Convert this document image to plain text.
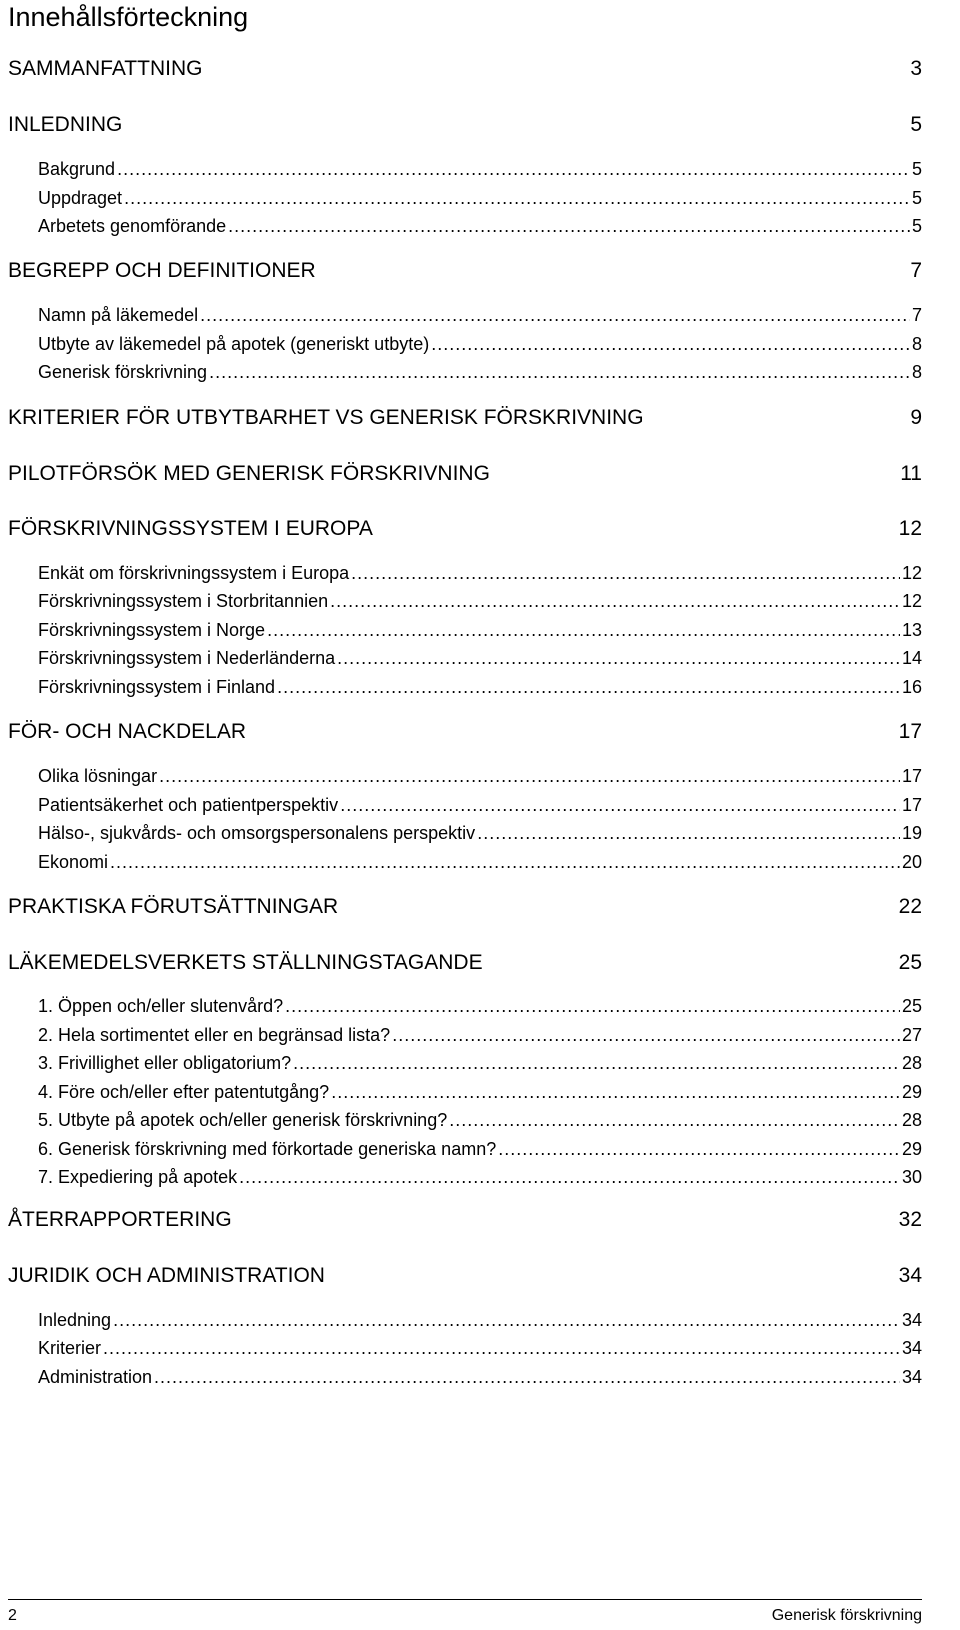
Innehållsförteckning
SAMMANFATTNING	3
INLEDNING	5
Bakgrund .....	5
Uppdraget .....	5
Arbetets genomförande .....	5
BEGREPP OCH DEFINITIONER	7
Namn på läkemedel .....	7
Utbyte av läkemedel på apotek (generiskt utbyte) .....	8
Generisk förskrivning .....	8
KRITERIER FÖR UTBYTBARHET VS GENERISK FÖRSKRIVNING	9
PILOTFÖRSÖK MED GENERISK FÖRSKRIVNING	11
FÖRSKRIVNINGSSYSTEM I EUROPA	12
Enkät om förskrivningssystem i Europa .....	12
Förskrivningssystem i Storbritannien .....	12
Förskrivningssystem i Norge .....	13
Förskrivningssystem i Nederländerna .....	14
Förskrivningssystem i Finland .....	16
FÖR- OCH NACKDELAR	17
Olika lösningar .....	17
Patientsäkerhet och patientperspektiv .....	17
Hälso-, sjukvårds- och omsorgspersonalens perspektiv .....	19
Ekonomi .....	20
PRAKTISKA FÖRUTSÄTTNINGAR	22
LÄKEMEDELSVERKETS STÄLLNINGSTAGANDE	25
1. Öppen och/eller slutenvård? .....	25
2. Hela sortimentet eller en begränsad lista? .....	27
3. Frivillighet eller obligatorium? .....	28
4. Före och/eller efter patentutgång? .....	29
5. Utbyte på apotek och/eller generisk förskrivning? .....	28
6. Generisk förskrivning med förkortade generiska namn? .....	29
7. Expediering på apotek .....	30
ÅTERRAPPORTERING	32
JURIDIK OCH ADMINISTRATION	34
Inledning .....	34
Kriterier .....	34
Administration .....	34
2	Generisk förskrivning
